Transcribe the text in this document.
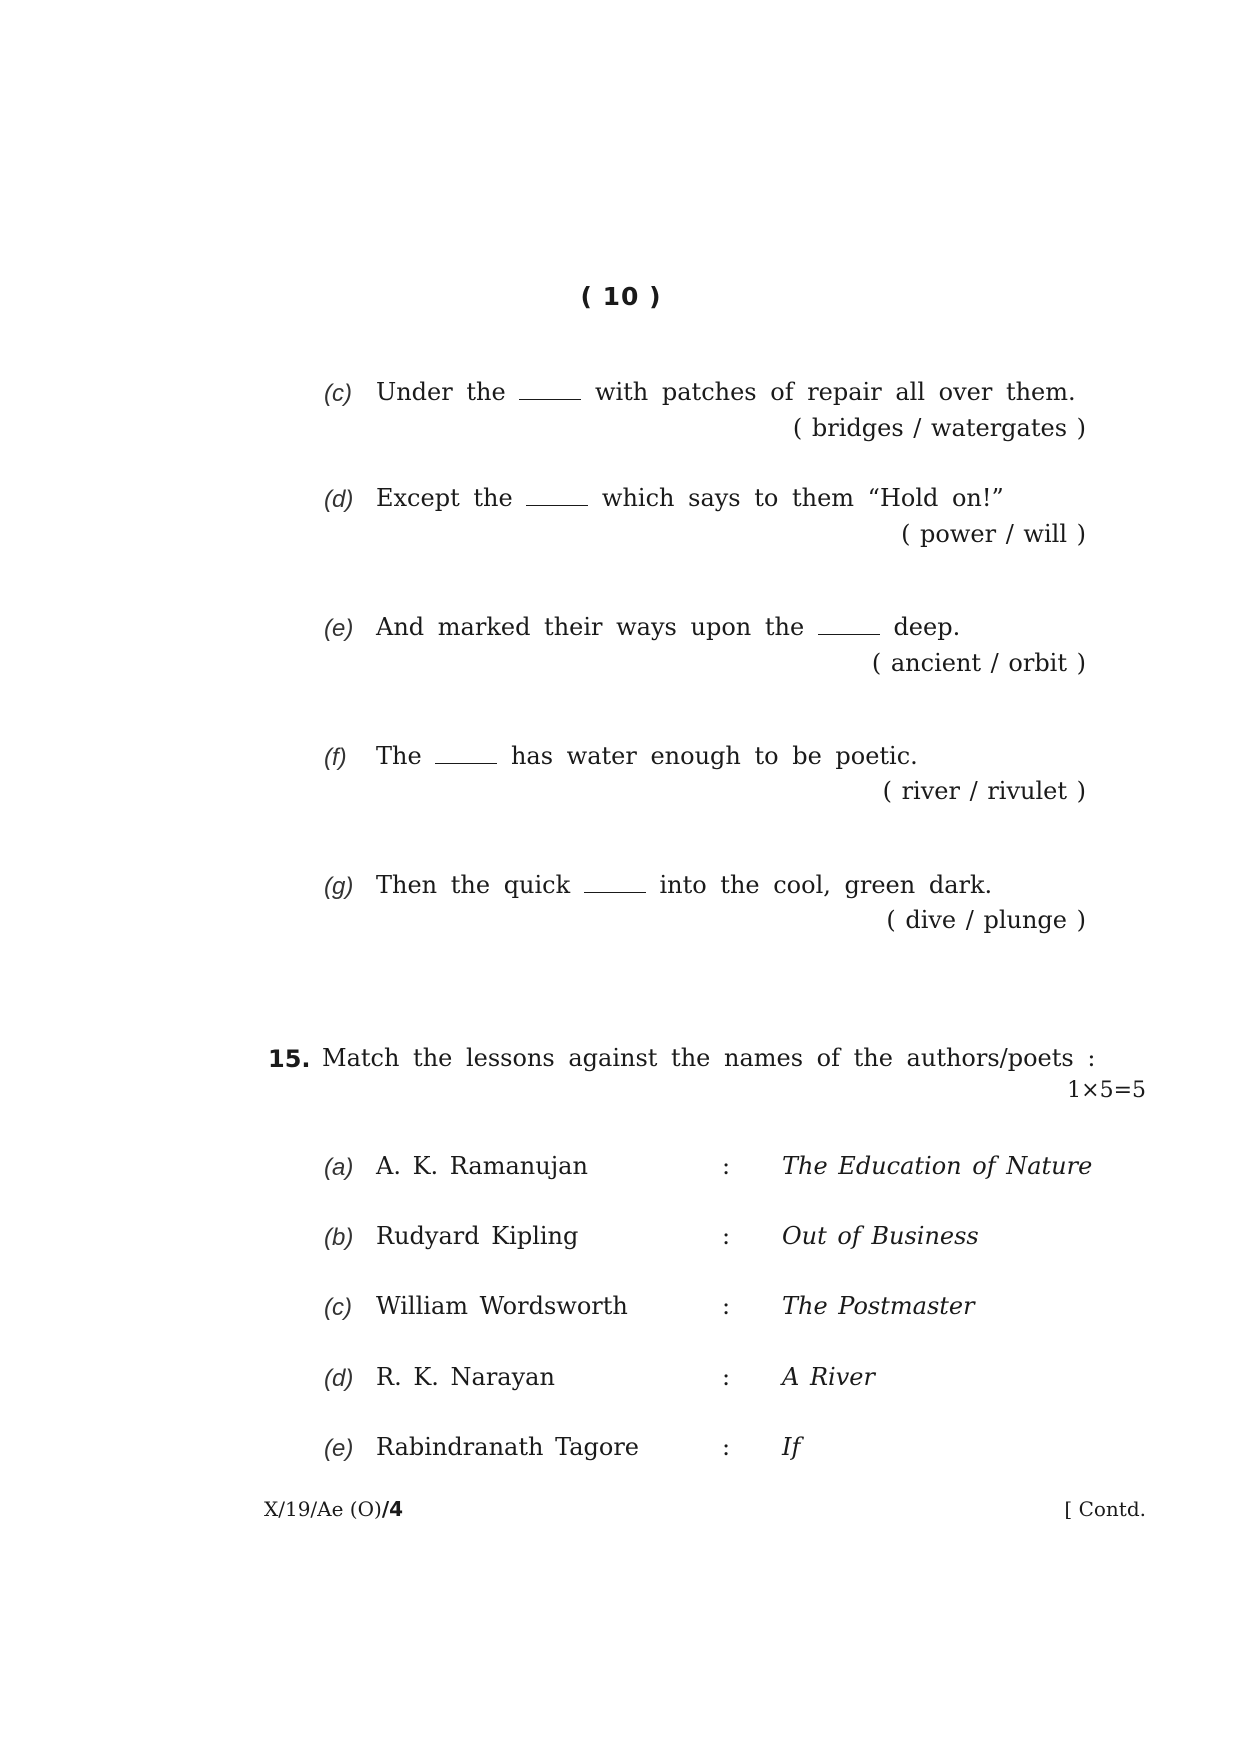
( 10 )
(c) Under the	with patches of repair all over them.
( bridges / watergates )
(d) Except the	which says to them “Hold on!”
( power / will )
(e) And marked their ways upon the	deep.
( ancient / orbit )
(f) The	has water enough to be poetic.
( river / rivulet )
(g) Then the quick	into the cool, green dark.
( dive / plunge )
15. Match the lessons against the names of the authors/poets :
1×5=5
(a) A. K. Ramanujan	: The Education of Nature
(b) Rudyard Kipling	: Out of Business
(c) William Wordsworth	: The Postmaster
(d) R. K. Narayan	: A River
(e) Rabindranath Tagore	: If
X/19/Ae (O)/4	[ Contd.
